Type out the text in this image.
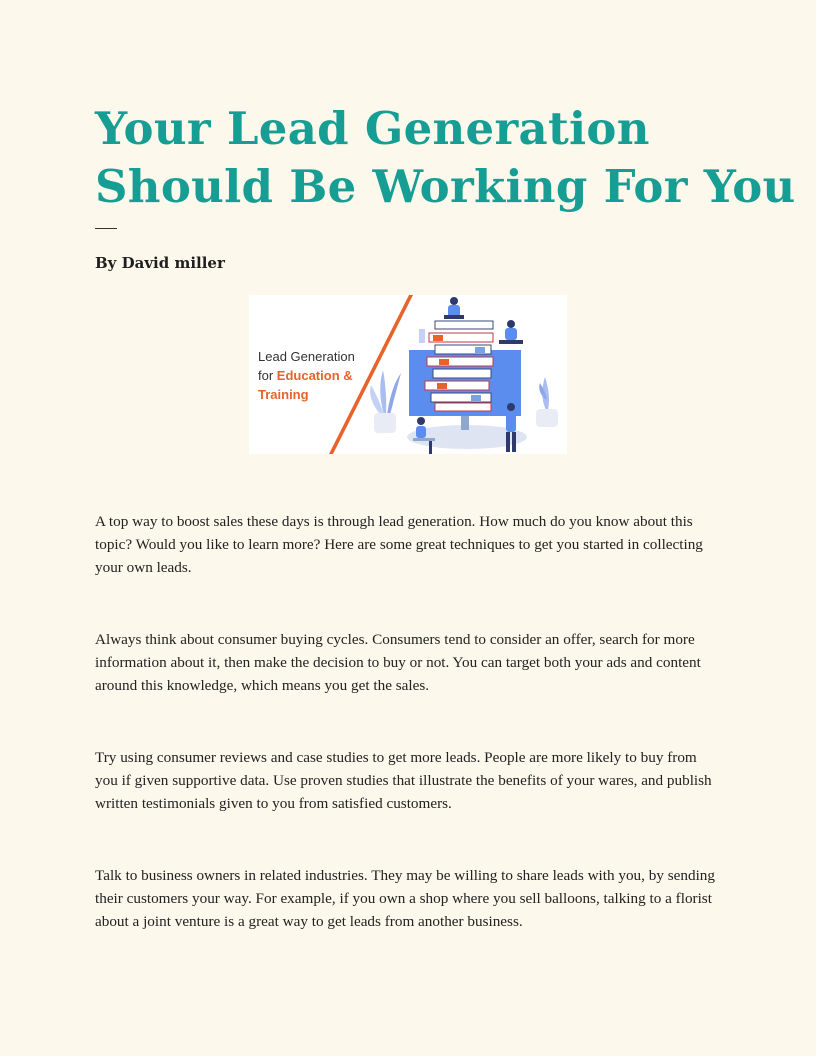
Your Lead Generation
Should Be Working For You
By David miller
Lead Generation
for Education &
Training

A top way to boost sales these days is through lead generation. How much do you know about this topic? Would you like to learn more? Here are some great techniques to get you started in collecting your own leads.

Always think about consumer buying cycles. Consumers tend to consider an offer, search for more information about it, then make the decision to buy or not. You can target both your ads and content around this knowledge, which means you get the sales.

Try using consumer reviews and case studies to get more leads. People are more likely to buy from you if given supportive data. Use proven studies that illustrate the benefits of your wares, and publish written testimonials given to you from satisfied customers.

Talk to business owners in related industries. They may be willing to share leads with you, by sending their customers your way. For example, if you own a shop where you sell balloons, talking to a florist about a joint venture is a great way to get leads from another business.
